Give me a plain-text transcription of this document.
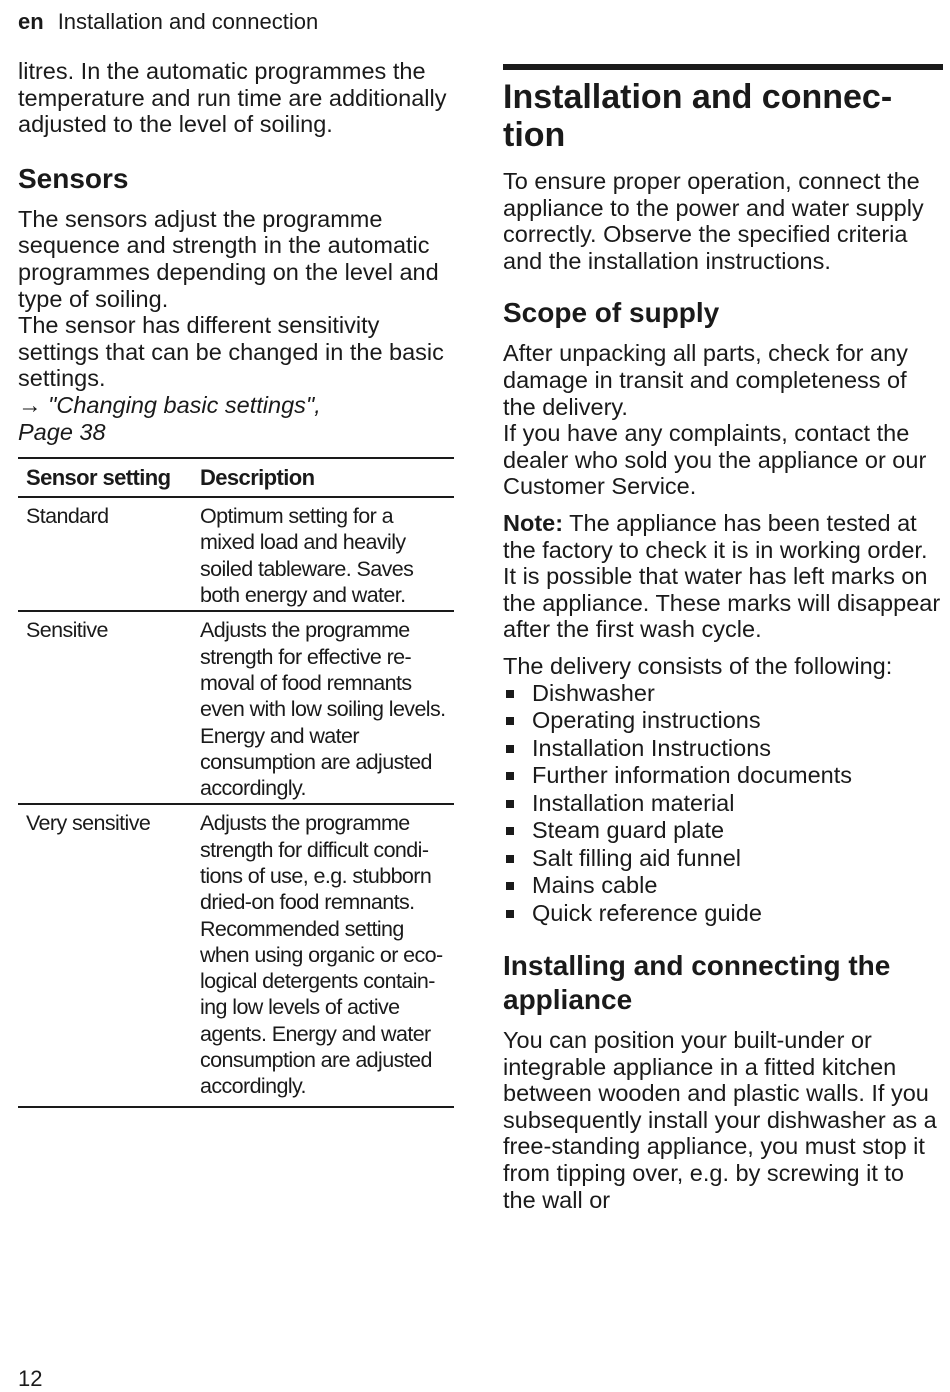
en Installation and connection

litres. In the automatic programmes the temperature and run time are additionally adjusted to the level of soiling.

Sensors

The sensors adjust the programme sequence and strength in the automatic programmes depending on the level and type of soiling.

The sensor has different sensitivity settings that can be changed in the basic settings.

→ "Changing basic settings",
Page 38

Sensor setting	Description
Standard	Optimum setting for a mixed load and heavily soiled tableware. Saves both energy and water.
Sensitive	Adjusts the programme strength for effective removal of food remnants even with low soiling levels. Energy and water consumption are adjusted accordingly.
Very sensitive	Adjusts the programme strength for difficult conditions of use, e.g. stubborn dried-on food remnants. Recommended setting when using organic or ecological detergents containing low levels of active agents. Energy and water consumption are adjusted accordingly.
Installation and connection

To ensure proper operation, connect the appliance to the power and water supply correctly. Observe the specified criteria and the installation instructions.

Scope of supply

After unpacking all parts, check for any damage in transit and completeness of the delivery.

If you have any complaints, contact the dealer who sold you the appliance or our Customer Service.

Note: The appliance has been tested at the factory to check it is in working order. It is possible that water has left marks on the appliance. These marks will disappear after the first wash cycle.

The delivery consists of the following:

Dishwasher
Operating instructions
Installation Instructions
Further information documents
Installation material
Steam guard plate
Salt filling aid funnel
Mains cable
Quick reference guide
Installing and connecting the appliance

You can position your built-under or integrable appliance in a fitted kitchen between wooden and plastic walls. If you subsequently install your dishwasher as a free-standing appliance, you must stop it from tipping over, e.g. by screwing it to the wall or

12
